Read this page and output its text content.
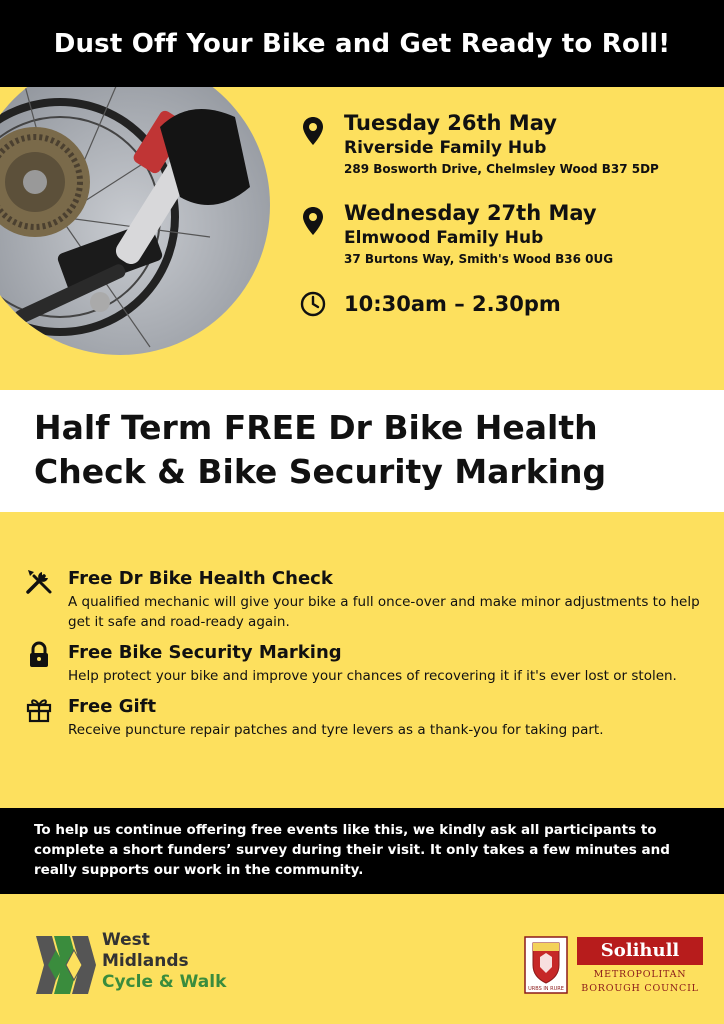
Dust Off Your Bike and Get Ready to Roll!
Tuesday 26th May
Riverside Family Hub
289 Bosworth Drive, Chelmsley Wood B37 5DP
Wednesday 27th May
Elmwood Family Hub
37 Burtons Way, Smith's Wood B36 0UG
10:30am – 2.30pm
Half Term FREE Dr Bike Health Check & Bike Security Marking
Free Dr Bike Health Check
A qualified mechanic will give your bike a full once-over and make minor adjustments to help get it safe and road-ready again.
Free Bike Security Marking
Help protect your bike and improve your chances of recovering it if it's ever lost or stolen.
Free Gift
Receive puncture repair patches and tyre levers as a thank-you for taking part.

To help us continue offering free events like this, we kindly ask all participants to complete a short funders’ survey during their visit. It only takes a few minutes and really supports our work in the community.

West
Midlands
Cycle & Walk	URBS IN RURE
Solihull
METROPOLITAN
BOROUGH COUNCIL
